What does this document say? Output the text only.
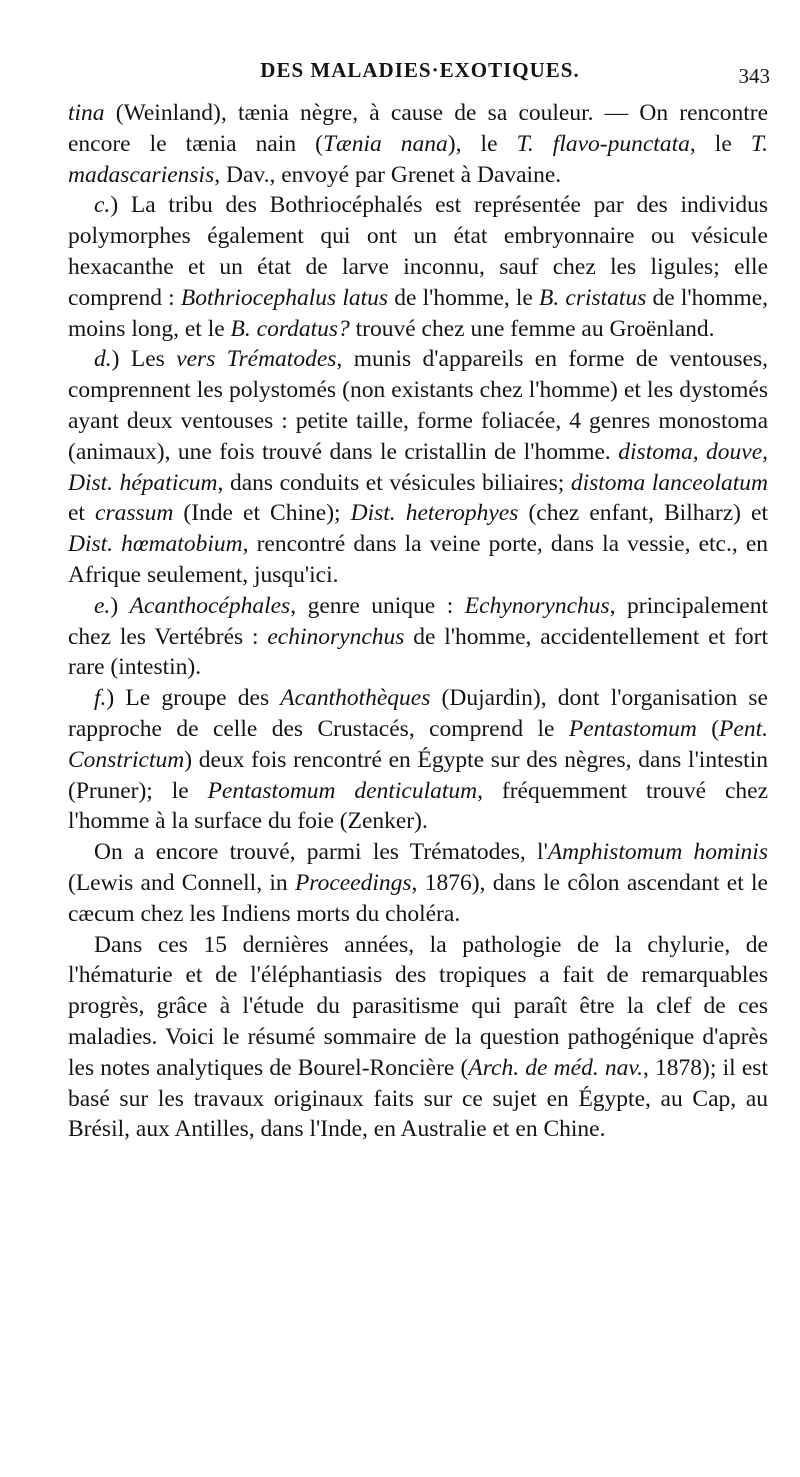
DES MALADIES·EXOTIQUES.	343

tina (Weinland), tænia nègre, à cause de sa couleur. — On rencontre encore le tænia nain (Tænia nana), le T. flavo-punctata, le T. madascariensis, Dav., envoyé par Grenet à Davaine.

c.) La tribu des Bothriocéphalés est représentée par des individus polymorphes également qui ont un état embryonnaire ou vésicule hexacanthe et un état de larve inconnu, sauf chez les ligules; elle comprend : Bothriocephalus latus de l'homme, le B. cristatus de l'homme, moins long, et le B. cordatus? trouvé chez une femme au Groënland.

d.) Les vers Trématodes, munis d'appareils en forme de ventouses, comprennent les polystomés (non existants chez l'homme) et les dystomés ayant deux ventouses : petite taille, forme foliacée, 4 genres monostoma (animaux), une fois trouvé dans le cristallin de l'homme. distoma, douve, Dist. hépaticum, dans conduits et vésicules biliaires; distoma lanceolatum et crassum (Inde et Chine); Dist. heterophyes (chez enfant, Bilharz) et Dist. hœmatobium, rencontré dans la veine porte, dans la vessie, etc., en Afrique seulement, jusqu'ici.

e.) Acanthocéphales, genre unique : Echynorynchus, principalement chez les Vertébrés : echinorynchus de l'homme, accidentellement et fort rare (intestin).

f.) Le groupe des Acanthothèques (Dujardin), dont l'organisation se rapproche de celle des Crustacés, comprend le Pentastomum (Pent. Constrictum) deux fois rencontré en Égypte sur des nègres, dans l'intestin (Pruner); le Pentastomum denticulatum, fréquemment trouvé chez l'homme à la surface du foie (Zenker).

On a encore trouvé, parmi les Trématodes, l'Amphistomum hominis (Lewis and Connell, in Proceedings, 1876), dans le côlon ascendant et le cæcum chez les Indiens morts du choléra.

Dans ces 15 dernières années, la pathologie de la chylurie, de l'hématurie et de l'éléphantiasis des tropiques a fait de remarquables progrès, grâce à l'étude du parasitisme qui paraît être la clef de ces maladies. Voici le résumé sommaire de la question pathogénique d'après les notes analytiques de Bourel-Roncière (Arch. de méd. nav., 1878); il est basé sur les travaux originaux faits sur ce sujet en Égypte, au Cap, au Brésil, aux Antilles, dans l'Inde, en Australie et en Chine.
